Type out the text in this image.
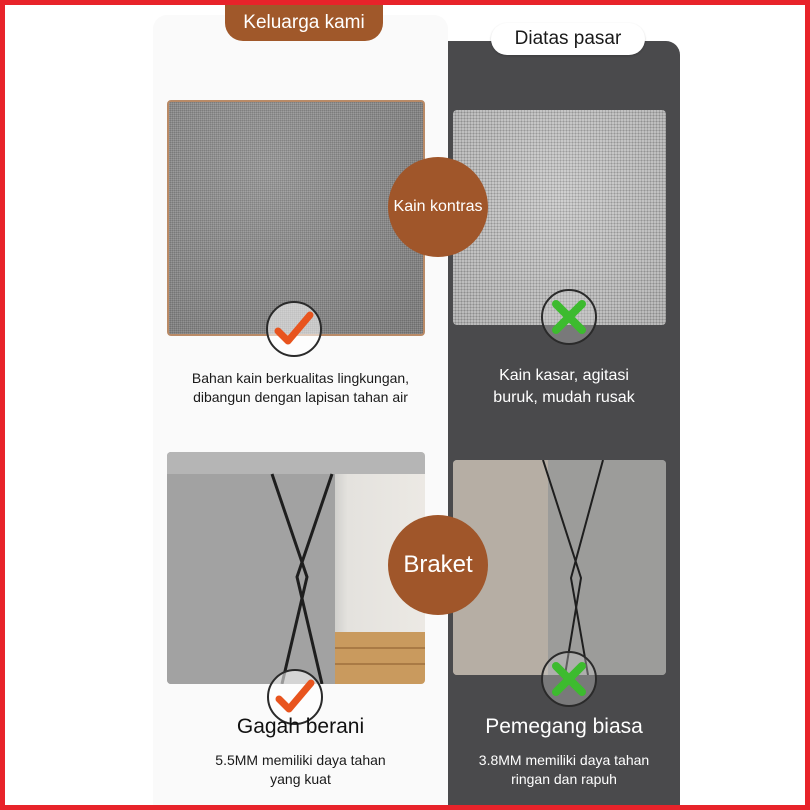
Keluarga kami
Diatas pasar
Kain kontras
Bahan kain berkualitas lingkungan,
dibangun dengan lapisan tahan air
Kain kasar, agitasi
buruk, mudah rusak
Braket
Gagah berani
5.5MM memiliki daya tahan
yang kuat
Pemegang biasa
3.8MM memiliki daya tahan
ringan dan rapuh
